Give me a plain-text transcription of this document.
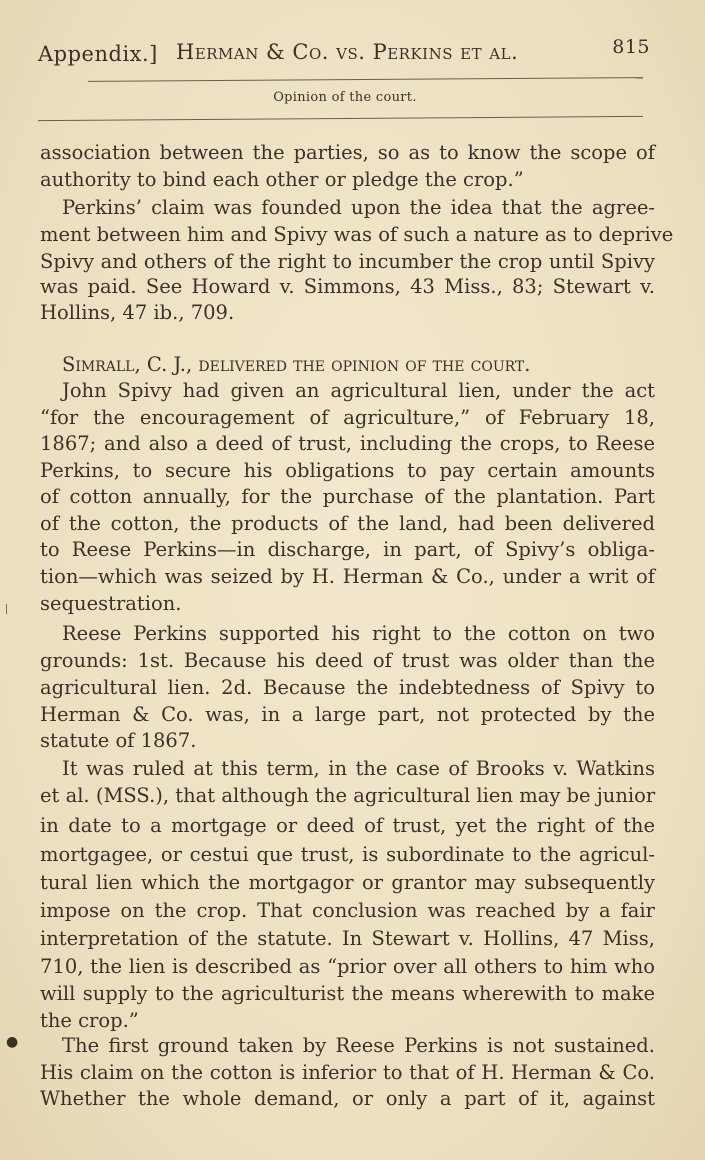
Appendix.] Herman & Co. vs. Perkins et al.	815
Opinion of the court.
●
association between the parties, so as to know the scope of
authority to bind each other or pledge the crop.”
Perkins’ claim was founded upon the idea that the agree-
ment between him and Spivy was of such a nature as to deprive
Spivy and others of the right to incumber the crop until Spivy
was paid. See Howard v. Simmons, 43 Miss., 83; Stewart v.
Hollins, 47 ib., 709.
Simrall, C. J., delivered the opinion of the court.
John Spivy had given an agricultural lien, under the act
“for the encouragement of agriculture,” of February 18,
1867; and also a deed of trust, including the crops, to Reese
Perkins, to secure his obligations to pay certain amounts
of cotton annually, for the purchase of the plantation. Part
of the cotton, the products of the land, had been delivered
to Reese Perkins—in discharge, in part, of Spivy’s obliga-
tion—which was seized by H. Herman & Co., under a writ of
sequestration.
Reese Perkins supported his right to the cotton on two
grounds: 1st. Because his deed of trust was older than the
agricultural lien. 2d. Because the indebtedness of Spivy to
Herman & Co. was, in a large part, not protected by the
statute of 1867.
It was ruled at this term, in the case of Brooks v. Watkins
et al. (MSS.), that although the agricultural lien may be junior
in date to a mortgage or deed of trust, yet the right of the
mortgagee, or cestui que trust, is subordinate to the agricul-
tural lien which the mortgagor or grantor may subsequently
impose on the crop. That conclusion was reached by a fair
interpretation of the statute. In Stewart v. Hollins, 47 Miss,
710, the lien is described as “prior over all others to him who
will supply to the agriculturist the means wherewith to make
the crop.”
The first ground taken by Reese Perkins is not sustained.
His claim on the cotton is inferior to that of H. Herman & Co.
Whether the whole demand, or only a part of it, against
